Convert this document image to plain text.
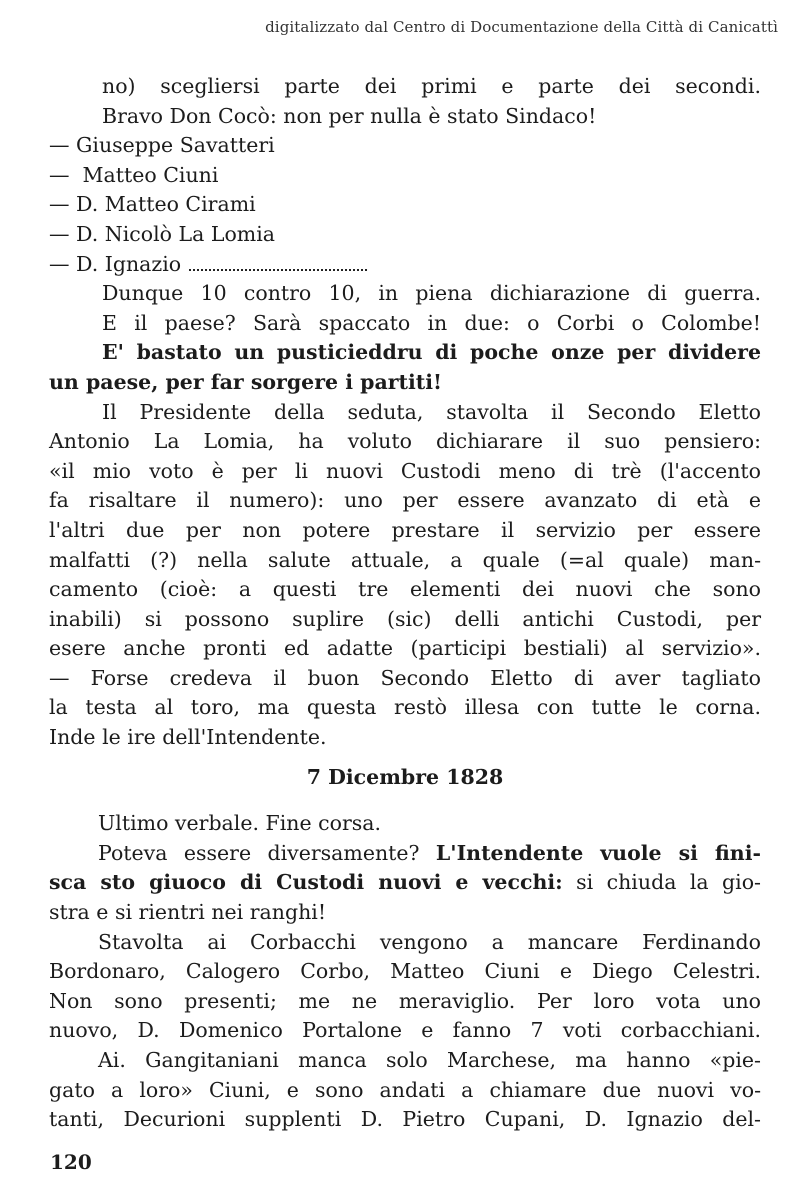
digitalizzato dal Centro di Documentazione della Città di Canicattì
no) scegliersi parte dei primi e parte dei secondi.
Bravo Don Cocò: non per nulla è stato Sindaco!
— Giuseppe Savatteri
—  Matteo Ciuni
— D. Matteo Cirami
— D. Nicolò La Lomia
— D. Ignazio
Dunque 10 contro 10, in piena dichiarazione di guerra.
E il paese? Sarà spaccato in due: o Corbi o Colombe!
E' bastato un pusticieddru di poche onze per dividere
un paese, per far sorgere i partiti!
Il Presidente della seduta, stavolta il Secondo Eletto
Antonio La Lomia, ha voluto dichiarare il suo pensiero:
«il mio voto è per li nuovi Custodi meno di trè (l'accento
fa risaltare il numero): uno per essere avanzato di età e
l'altri due per non potere prestare il servizio per essere
malfatti (?) nella salute attuale, a quale (=al quale) man-
camento (cioè: a questi tre elementi dei nuovi che sono
inabili) si possono suplire (sic) delli antichi Custodi, per
esere anche pronti ed adatte (participi bestiali) al servizio».
— Forse credeva il buon Secondo Eletto di aver tagliato
la testa al toro, ma questa restò illesa con tutte le corna.
Inde le ire dell'Intendente.
7 Dicembre 1828
Ultimo verbale. Fine corsa.
Poteva essere diversamente? L'Intendente vuole si fini-
sca sto giuoco di Custodi nuovi e vecchi: si chiuda la gio-
stra e si rientri nei ranghi!
Stavolta ai Corbacchi vengono a mancare Ferdinando
Bordonaro, Calogero Corbo, Matteo Ciuni e Diego Celestri.
Non sono presenti; me ne meraviglio. Per loro vota uno
nuovo, D. Domenico Portalone e fanno 7 voti corbacchiani.
Ai. Gangitaniani manca solo Marchese, ma hanno «pie-
gato a loro» Ciuni, e sono andati a chiamare due nuovi vo-
tanti, Decurioni supplenti D. Pietro Cupani, D. Ignazio del-
120
